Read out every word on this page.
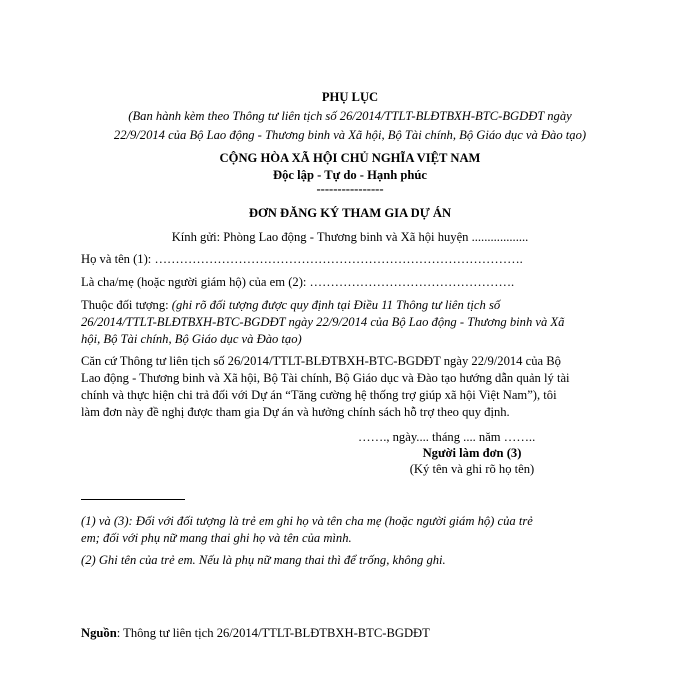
PHỤ LỤC
(Ban hành kèm theo Thông tư liên tịch số 26/2014/TTLT-BLĐTBXH-BTC-BGDĐT ngày
22/9/2014 của Bộ Lao động - Thương binh và Xã hội, Bộ Tài chính, Bộ Giáo dục và Đào tạo)
CỘNG HÒA XÃ HỘI CHỦ NGHĨA VIỆT NAM
Độc lập - Tự do - Hạnh phúc
----------------
ĐƠN ĐĂNG KÝ THAM GIA DỰ ÁN
Kính gửi: Phòng Lao động - Thương binh và Xã hội huyện ..................
Họ và tên (1): …………………………………………………………………………….
Là cha/mẹ (hoặc người giám hộ) của em (2): ………………………………………….
Thuộc đối tượng: (ghi rõ đối tượng được quy định tại Điều 11 Thông tư liên tịch số
26/2014/TTLT-BLĐTBXH-BTC-BGDĐT ngày 22/9/2014 của Bộ Lao động - Thương binh và Xã
hội, Bộ Tài chính, Bộ Giáo dục và Đào tạo)
Căn cứ Thông tư liên tịch số 26/2014/TTLT-BLĐTBXH-BTC-BGDĐT ngày 22/9/2014 của Bộ
Lao động - Thương binh và Xã hội, Bộ Tài chính, Bộ Giáo dục và Đào tạo hướng dẫn quản lý tài
chính và thực hiện chi trả đối với Dự án “Tăng cường hệ thống trợ giúp xã hội Việt Nam”), tôi
làm đơn này đề nghị được tham gia Dự án và hưởng chính sách hỗ trợ theo quy định.
……., ngày.... tháng .... năm ……..
Người làm đơn (3)
(Ký tên và ghi rõ họ tên)
(1) và (3): Đối với đối tượng là trẻ em ghi họ và tên cha mẹ (hoặc người giám hộ) của trẻ
em; đối với phụ nữ mang thai ghi họ và tên của mình.
(2) Ghi tên của trẻ em. Nếu là phụ nữ mang thai thì để trống, không ghi.
Nguồn: Thông tư liên tịch 26/2014/TTLT-BLĐTBXH-BTC-BGDĐT
